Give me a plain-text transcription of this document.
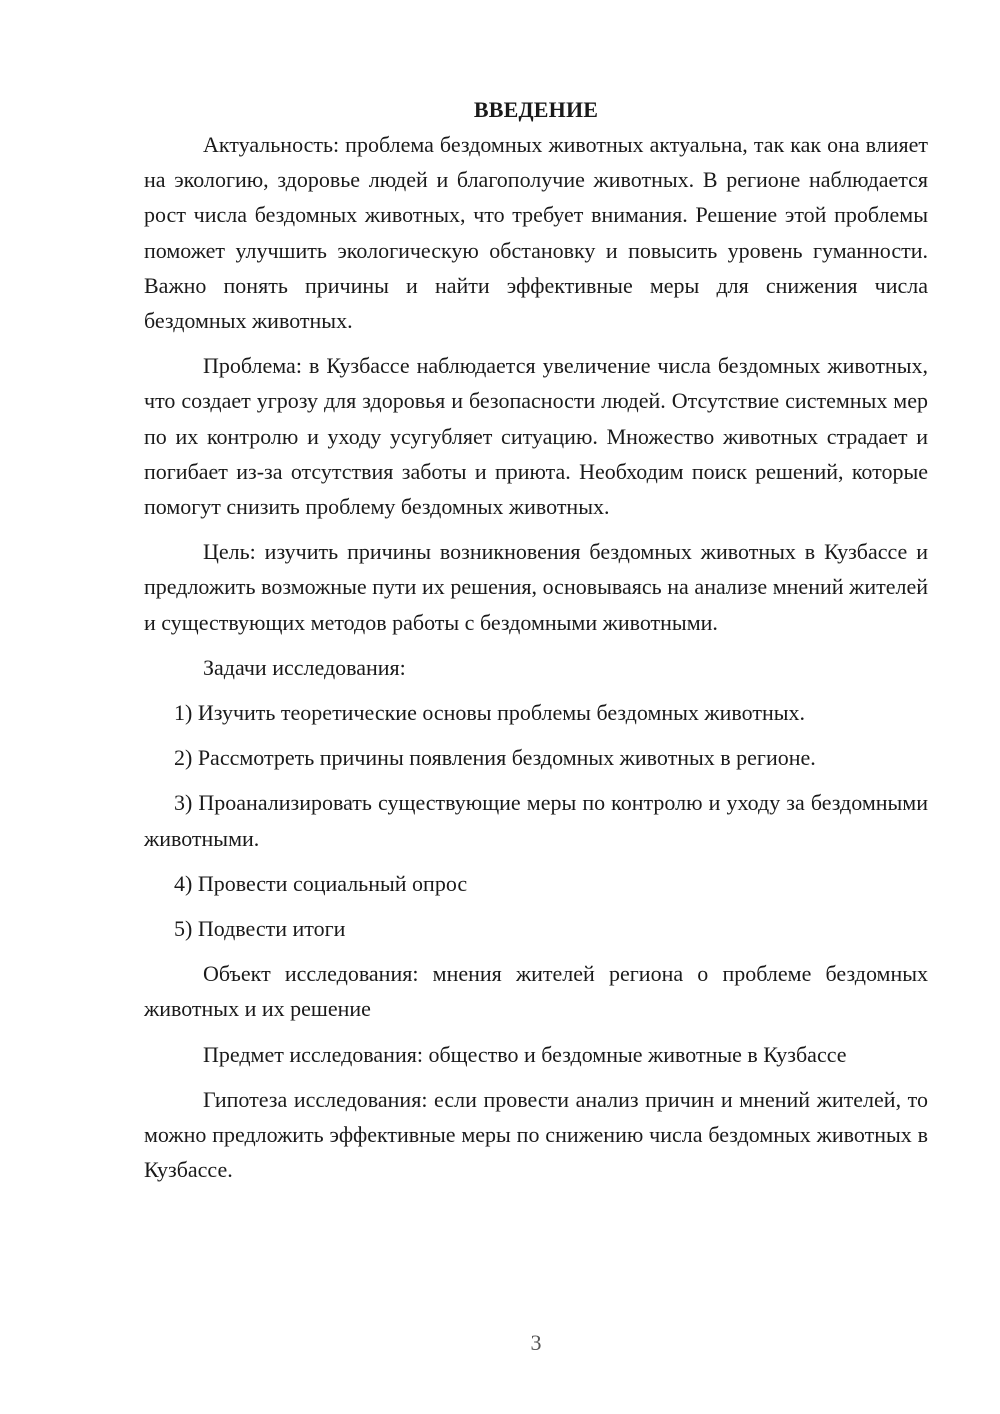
ВВЕДЕНИЕ

Актуальность: проблема бездомных животных актуальна, так как она влияет на экологию, здоровье людей и благополучие животных. В регионе наблюдается рост числа бездомных животных, что требует внимания. Решение этой проблемы поможет улучшить экологическую обстановку и повысить уровень гуманности. Важно понять причины и найти эффективные меры для снижения числа бездомных животных.

Проблема: в Кузбассе наблюдается увеличение числа бездомных животных, что создает угрозу для здоровья и безопасности людей. Отсутствие системных мер по их контролю и уходу усугубляет ситуацию. Множество животных страдает и погибает из-за отсутствия заботы и приюта. Необходим поиск решений, которые помогут снизить проблему бездомных животных.

Цель: изучить причины возникновения бездомных животных в Кузбассе и предложить возможные пути их решения, основываясь на анализе мнений жителей и существующих методов работы с бездомными животными.

Задачи исследования:

1) Изучить теоретические основы проблемы бездомных животных.

2) Рассмотреть причины появления бездомных животных в регионе.

3) Проанализировать существующие меры по контролю и уходу за бездомными животными.

4) Провести социальный опрос

5) Подвести итоги

Объект исследования: мнения жителей региона о проблеме бездомных животных и их решение

Предмет исследования: общество и бездомные животные в Кузбассе

Гипотеза исследования: если провести анализ причин и мнений жителей, то можно предложить эффективные меры по снижению числа бездомных животных в Кузбассе.

3
